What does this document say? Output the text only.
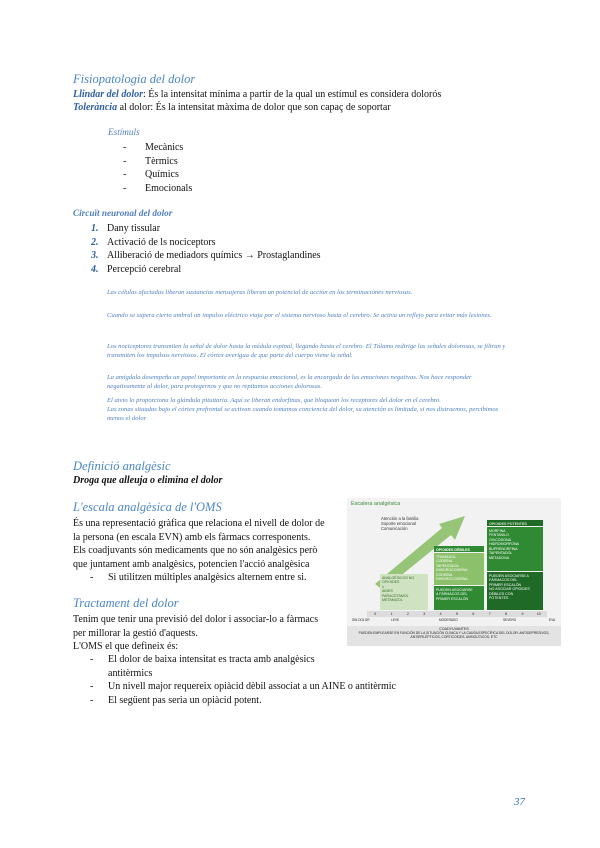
Fisiopatologia del dolor
Llindar del dolor: És la intensitat mínima a partir de la qual un estímul es considera dolorós
Tolerància al dolor: És la intensitat màxima de dolor que son capaç de soportar
Estímuls
- Mecànics
- Tèrmics
- Químics
- Emocionals
Circuït neuronal del dolor
1. Dany tissular
2. Activació de ls nociceptors
3. Alliberació de mediadors químics → Prostaglandines
4. Percepció cerebral
Las células afectadas liberan sustancias mensajeras liberan un potencial de acción en las terminaciones nerviosas.
Cuando se supera cierto umbral un impulso eléctrico viaja por el sistema nervioso hasta el cerebro. Se activa un reflejo para evitar más lesiones.
Los nociceptores transmiten la señal de dolor hasta la médula espinal, llegando hasta el cerebro. El Tálamo redirige las señales dolorosas, se filtran y transmiten los impulsos nerviosos. El córtex averigua de que parte del cuerpo viene la señal.
La amígdala desempeña un papel importante en la respuesta emocional, es la encargada de las emociones negativas. Nos hace responder negativamente al dolor, para protegernos y que no repitamos acciones dolorosas.
El atvio lo proporciona la glándula pituitaria. Aquí se liberan endorfinas, que bloquean los receptores del dolor en el cerebro.
Las zonas situadas bajo el córtex prefrontal se activan cuando tomamos conciencia del dolor, su atención es limitada, si nos distraemos, percibimos menos el dolor
Definició analgèsic
Droga que alleuja o elimina el dolor
L'escala analgèsica de l'OMS
És una representació gràfica que relaciona el nivell de dolor de
la persona (en escala EVN) amb els fàrmacs corresponents.
Els coadjuvants són medicaments que no són analgèsics però
que juntament amb analgèsics, potencien l'acció analgèsica
- Si utilitzen múltiples analgèsics alternem entre si.
Tractament del dolor
Tenim que tenir una previsió del dolor i associar-lo a fàrmacs
per millorar la gestió d'aquests.
L'OMS el que defineix és:
- El dolor de baixa intensitat es tracta amb analgèsics
antitèrmics
- Un nivell major requereix opiàcid dèbil associat a un AINE o antitèrmic
- El següent pas seria un opiàcid potent.
Escalera analgésica
Atención a la familia
Soporte emocional
Comunicación
ANALGÉSICOS NO OPIOIDES
±
AINES
PARACETAMOL
METAMIZOL
OPIOIDES DÉBILES
TRAMADOL
CODEÍNA
TAPENTADOL
DIHIDROCODEÍNA
CODEÍNA
DIHIDROCODEÍNA
PUEDEN ASOCIARSE
A FÁRMACOS DEL
PRIMER ESCALÓN
OPIOIDES POTENTES
MORFINA
FENTANILO
OXICODONA
HIDROMORFONA
BUPRENORFINA
TAPENTADOL
METADONA
PUEDEN ASOCIARSE A
FÁRMACOS DEL
PRIMER ESCALÓN
NO ASOCIAR OPIOIDES
DÉBILES CON
POTENTES
0	1	2	3	4	5	6	7	8	9	10
SIN DOLOR	LEVE	MODERADO	SEVERO	EVA
COADYUVANTES
PUEDEN EMPLEARSE EN FUNCIÓN DE LA SITUACIÓN CLÍNICA Y LA CAUSA ESPECÍFICA DEL DOLOR: ANTIDEPRESIVOS, ANTIEPILÉPTICOS, CORTICOIDES, ANSIOLÍTICOS, ETC
37
